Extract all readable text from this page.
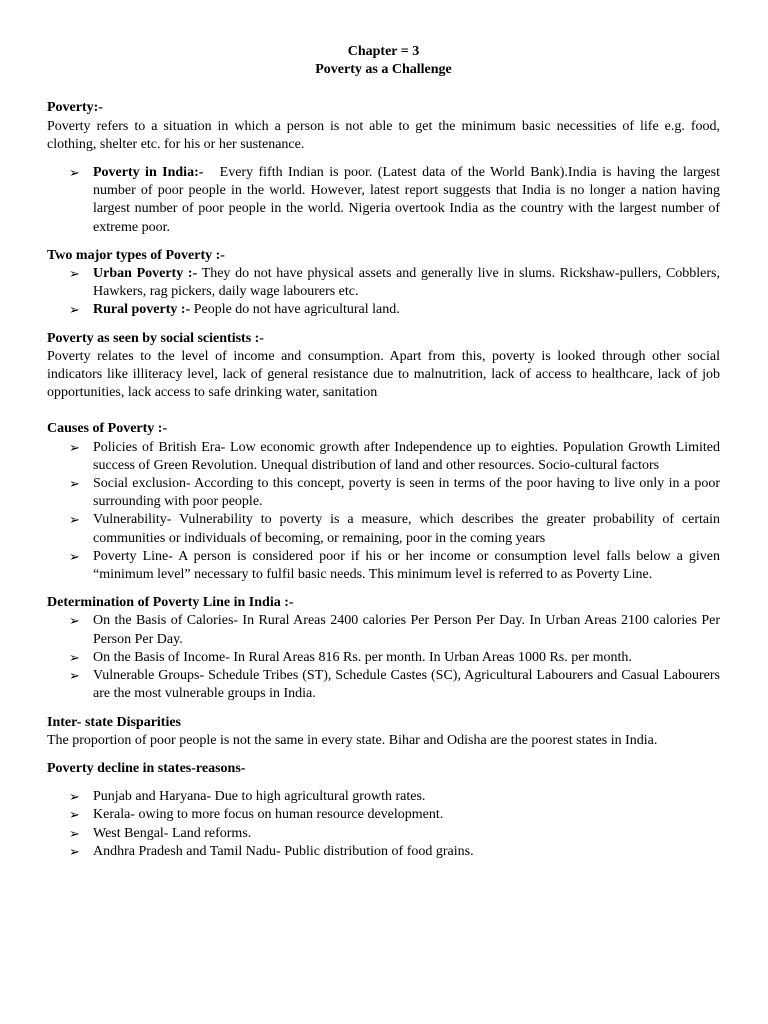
Chapter = 3
Poverty as a Challenge
Poverty:-
Poverty refers to a situation in which a person is not able to get the minimum basic necessities of life e.g. food, clothing, shelter etc. for his or her sustenance.
➢ Poverty in India:- Every fifth Indian is poor. (Latest data of the World Bank).India is having the largest number of poor people in the world. However, latest report suggests that India is no longer a nation having largest number of poor people in the world. Nigeria overtook India as the country with the largest number of extreme poor.
Two major types of Poverty :-
➢ Urban Poverty :- They do not have physical assets and generally live in slums. Rickshaw-pullers, Cobblers, Hawkers, rag pickers, daily wage labourers etc.
➢ Rural poverty :- People do not have agricultural land.
Poverty as seen by social scientists :-
Poverty relates to the level of income and consumption. Apart from this, poverty is looked through other social indicators like illiteracy level, lack of general resistance due to malnutrition, lack of access to healthcare, lack of job opportunities, lack access to safe drinking water, sanitation
Causes of Poverty :-
➢ Policies of British Era- Low economic growth after Independence up to eighties. Population Growth Limited success of Green Revolution. Unequal distribution of land and other resources. Socio-cultural factors
➢ Social exclusion- According to this concept, poverty is seen in terms of the poor having to live only in a poor surrounding with poor people.
➢ Vulnerability- Vulnerability to poverty is a measure, which describes the greater probability of certain communities or individuals of becoming, or remaining, poor in the coming years
➢ Poverty Line- A person is considered poor if his or her income or consumption level falls below a given “minimum level” necessary to fulfil basic needs. This minimum level is referred to as Poverty Line.
Determination of Poverty Line in India :-
➢ On the Basis of Calories- In Rural Areas 2400 calories Per Person Per Day. In Urban Areas 2100 calories Per Person Per Day.
➢ On the Basis of Income- In Rural Areas 816 Rs. per month. In Urban Areas 1000 Rs. per month.
➢ Vulnerable Groups- Schedule Tribes (ST), Schedule Castes (SC), Agricultural Labourers and Casual Labourers are the most vulnerable groups in India.
Inter- state Disparities
The proportion of poor people is not the same in every state. Bihar and Odisha are the poorest states in India.
Poverty decline in states-reasons-
➢ Punjab and Haryana- Due to high agricultural growth rates.
➢ Kerala- owing to more focus on human resource development.
➢ West Bengal- Land reforms.
➢ Andhra Pradesh and Tamil Nadu- Public distribution of food grains.
